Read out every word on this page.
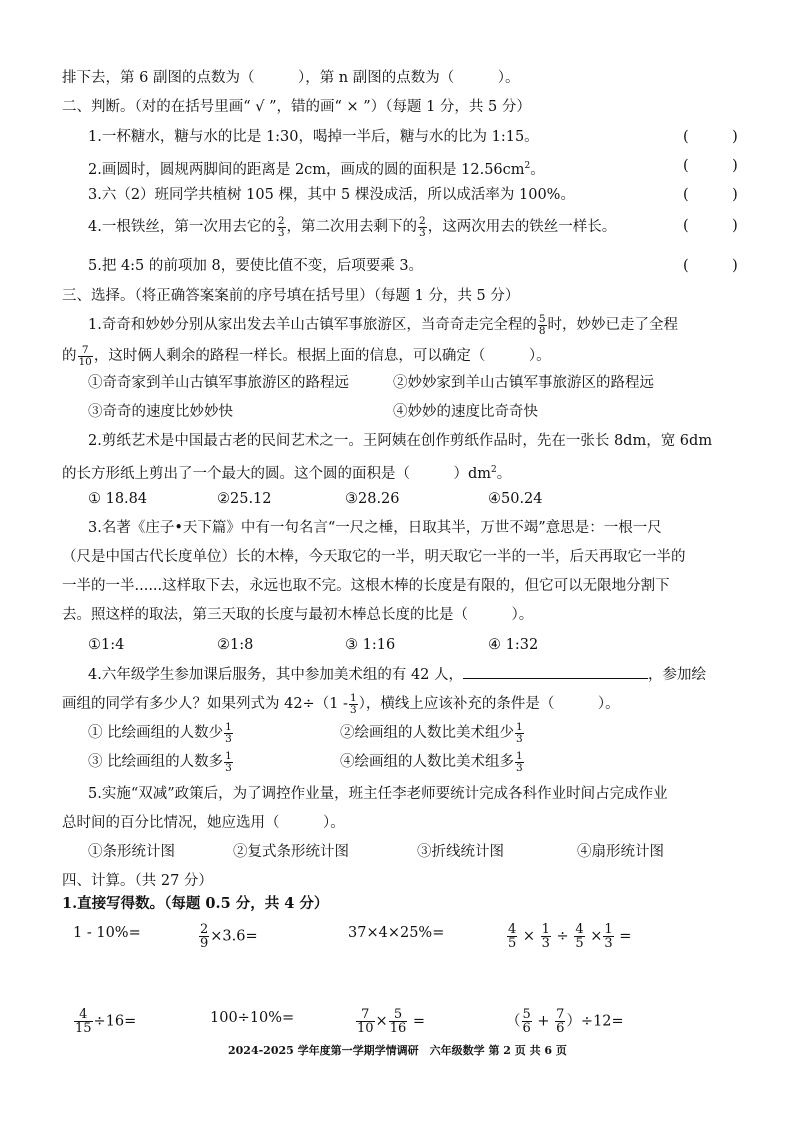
排下去，第 6 副图的点数为（　　　），第 n 副图的点数为（　　　）。
二、判断。（对的在括号里画“ √ ”，错的画“ × ”）（每题 1 分，共 5 分）
1.一杯糖水，糖与水的比是 1:30，喝掉一半后，糖与水的比为 1:15。	(　　　)
2.画圆时，圆规两脚间的距离是 2cm，画成的圆的面积是 $12.56cm^2$。	(　　　)
3.六（2）班同学共植树 105 棵，其中 5 棵没成活，所以成活率为 100%。	(　　　)
4.一根铁丝，第一次用去它的 $\frac{2}{3}$ ，第二次用去剩下的 $\frac{2}{3}$ ，这两次用去的铁丝一样长。	(　　　)
5.把 4:5 的前项加 8，要使比值不变，后项要乘 3。	(　　　)
三、选择。（将正确答案案前的序号填在括号里）（每题 1 分，共 5 分）
1.奇奇和妙妙分别从家出发去羊山古镇军事旅游区，当奇奇走完全程的 $\frac{5}{8}$ 时，妙妙已走了全程
的 $\frac{7}{10}$ ，这时俩人剩余的路程一样长。根据上面的信息，可以确定（　　　）。
①奇奇家到羊山古镇军事旅游区的路程远	②妙妙家到羊山古镇军事旅游区的路程远
③奇奇的速度比妙妙快	④妙妙的速度比奇奇快
2.剪纸艺术是中国最古老的民间艺术之一。王阿姨在创作剪纸作品时，先在一张长 8dm，宽 6dm
的长方形纸上剪出了一个最大的圆。这个圆的面积是（　　　）$dm^2$。
① 18.84	②25.12	③28.26	④50.24
3.名著《庄子•天下篇》中有一句名言“一尺之棰，日取其半，万世不竭”意思是：一根一尺
（尺是中国古代长度单位）长的木棒，今天取它的一半，明天取它一半的一半，后天再取它一半的
一半的一半......这样取下去，永远也取不完。这根木棒的长度是有限的，但它可以无限地分割下
去。照这样的取法，第三天取的长度与最初木棒总长度的比是（　　　）。
①1:4	②1:8	③ 1:16	④ 1:32
4.六年级学生参加课后服务，其中参加美术组的有 42 人，	，参加绘
画组的同学有多少人？如果列式为 $42\div(1 - \frac{1}{3}$ ），横线上应该补充的条件是（　　　）。
① 比绘画组的人数少 $\frac{1}{3}$	②绘画组的人数比美术组少 $\frac{1}{3}$
③ 比绘画组的人数多 $\frac{1}{3}$	④绘画组的人数比美术组多 $\frac{1}{3}$
5.实施“双减”政策后，为了调控作业量，班主任李老师要统计完成各科作业时间占完成作业
总时间的百分比情况，她应选用（　　　）。
①条形统计图	②复式条形统计图	③折线统计图	④扇形统计图
四、计算。（共 27 分）
1.直接写得数。（每题 0.5 分，共 4 分）
1 - 10%=	$\frac{2}{9} \times 3.6=$	37×4×25%=	$\frac{4}{5} \times \frac{1}{3} \div \frac{4}{5} \times \frac{1}{3}$ =
$\frac{4}{15} \div 16=$	100÷10%=	$\frac{7}{10} \times \frac{5}{16}$ =	（ $\frac{5}{6} + \frac{7}{6} )\div 12=$
2024-2025 学年度第一学期学情调研　六年级数学 第 2 页 共 6 页
